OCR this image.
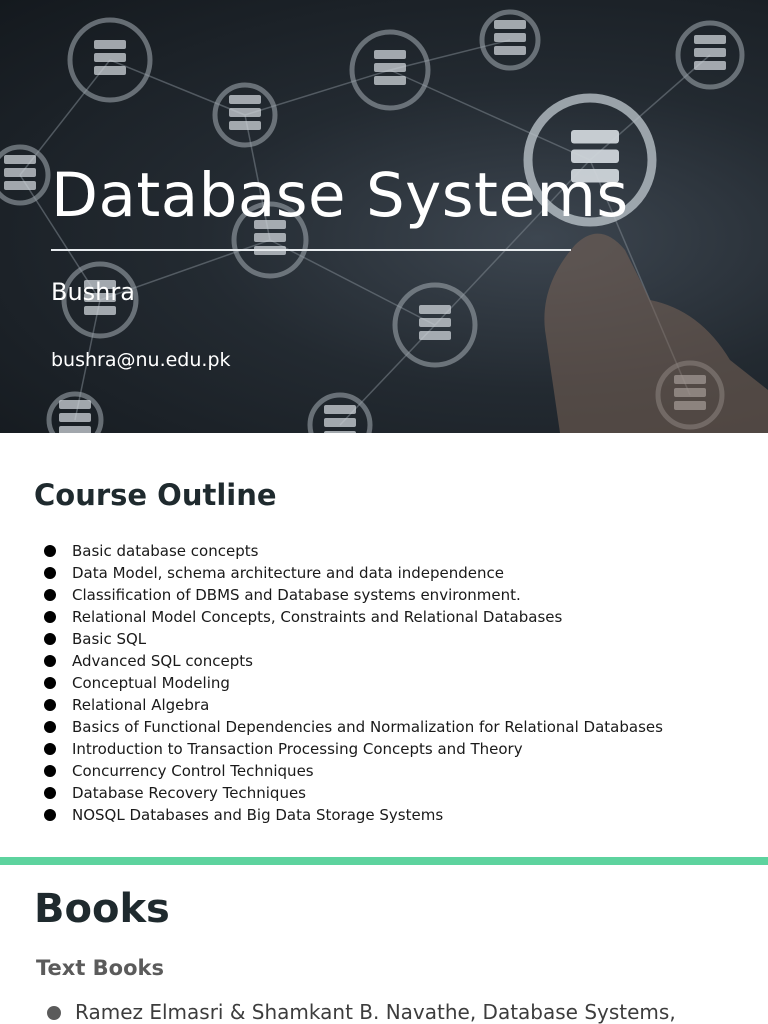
Database Systems
Bushra
bushra@nu.edu.pk
Course Outline
Basic database concepts
Data Model, schema architecture and data independence
Classification of DBMS and Database systems environment.
Relational Model Concepts, Constraints and Relational Databases
Basic SQL
Advanced SQL concepts
Conceptual Modeling
Relational Algebra
Basics of Functional Dependencies and Normalization for Relational Databases
Introduction to Transaction Processing Concepts and Theory
Concurrency Control Techniques
Database Recovery Techniques
NOSQL Databases and Big Data Storage Systems
Books
Text Books
Ramez Elmasri & Shamkant B. Navathe, Database Systems,
